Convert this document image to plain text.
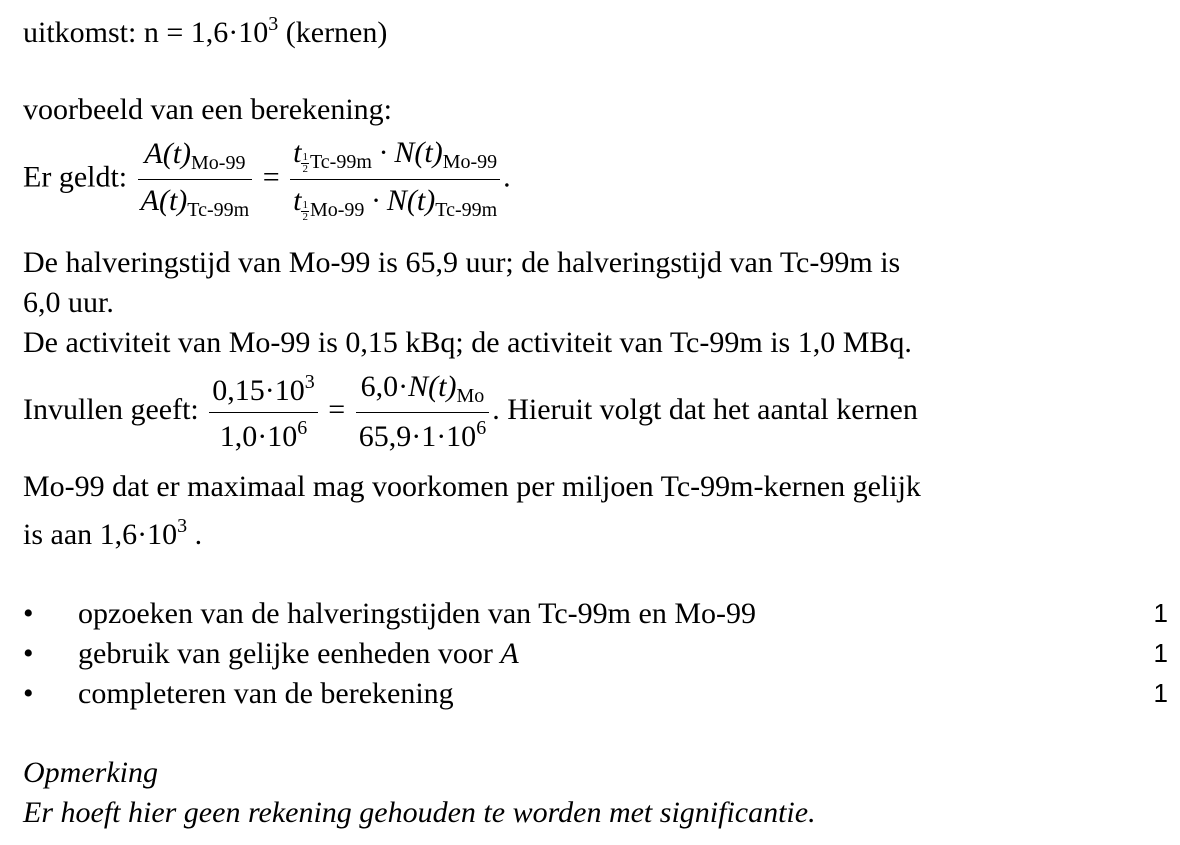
uitkomst: $n = 1,6\cdot 10^3$ (kernen)
voorbeeld van een berekening:
Er geldt: $\frac{A(t)_{Mo-99}}{A(t)_{Tc-99m}} = t$ $_{\frac{1}{2} Tc-99m} \cdot N(t)_{Mo-99}$
t $_{\frac{1}{2} Mo-99} \cdot N(t)_{Tc-99m}$ .
De halveringstijd van Mo-99 is 65,9 uur; de halveringstijd van Tc-99m is
6,0 uur.
De activiteit van Mo-99 is 0,15 kBq; de activiteit van Tc-99m is 1,0 MBq.
Invullen geeft: $\frac{0,15\cdot 10^3}{1,0\cdot 10^6} = \frac{6,0\cdot N(t)_{Mo}}{65,9\cdot 1\cdot 10^6}$ . Hieruit volgt dat het aantal kernen
Mo-99 dat er maximaal mag voorkomen per miljoen Tc-99m-kernen gelijk
is aan $1,6\cdot 10^3$ .
• opzoeken van de halveringstijden van Tc-99m en Mo-99	1
• gebruik van gelijke eenheden voor A	1
• completeren van de berekening	1
Opmerking
Er hoeft hier geen rekening gehouden te worden met significantie.
